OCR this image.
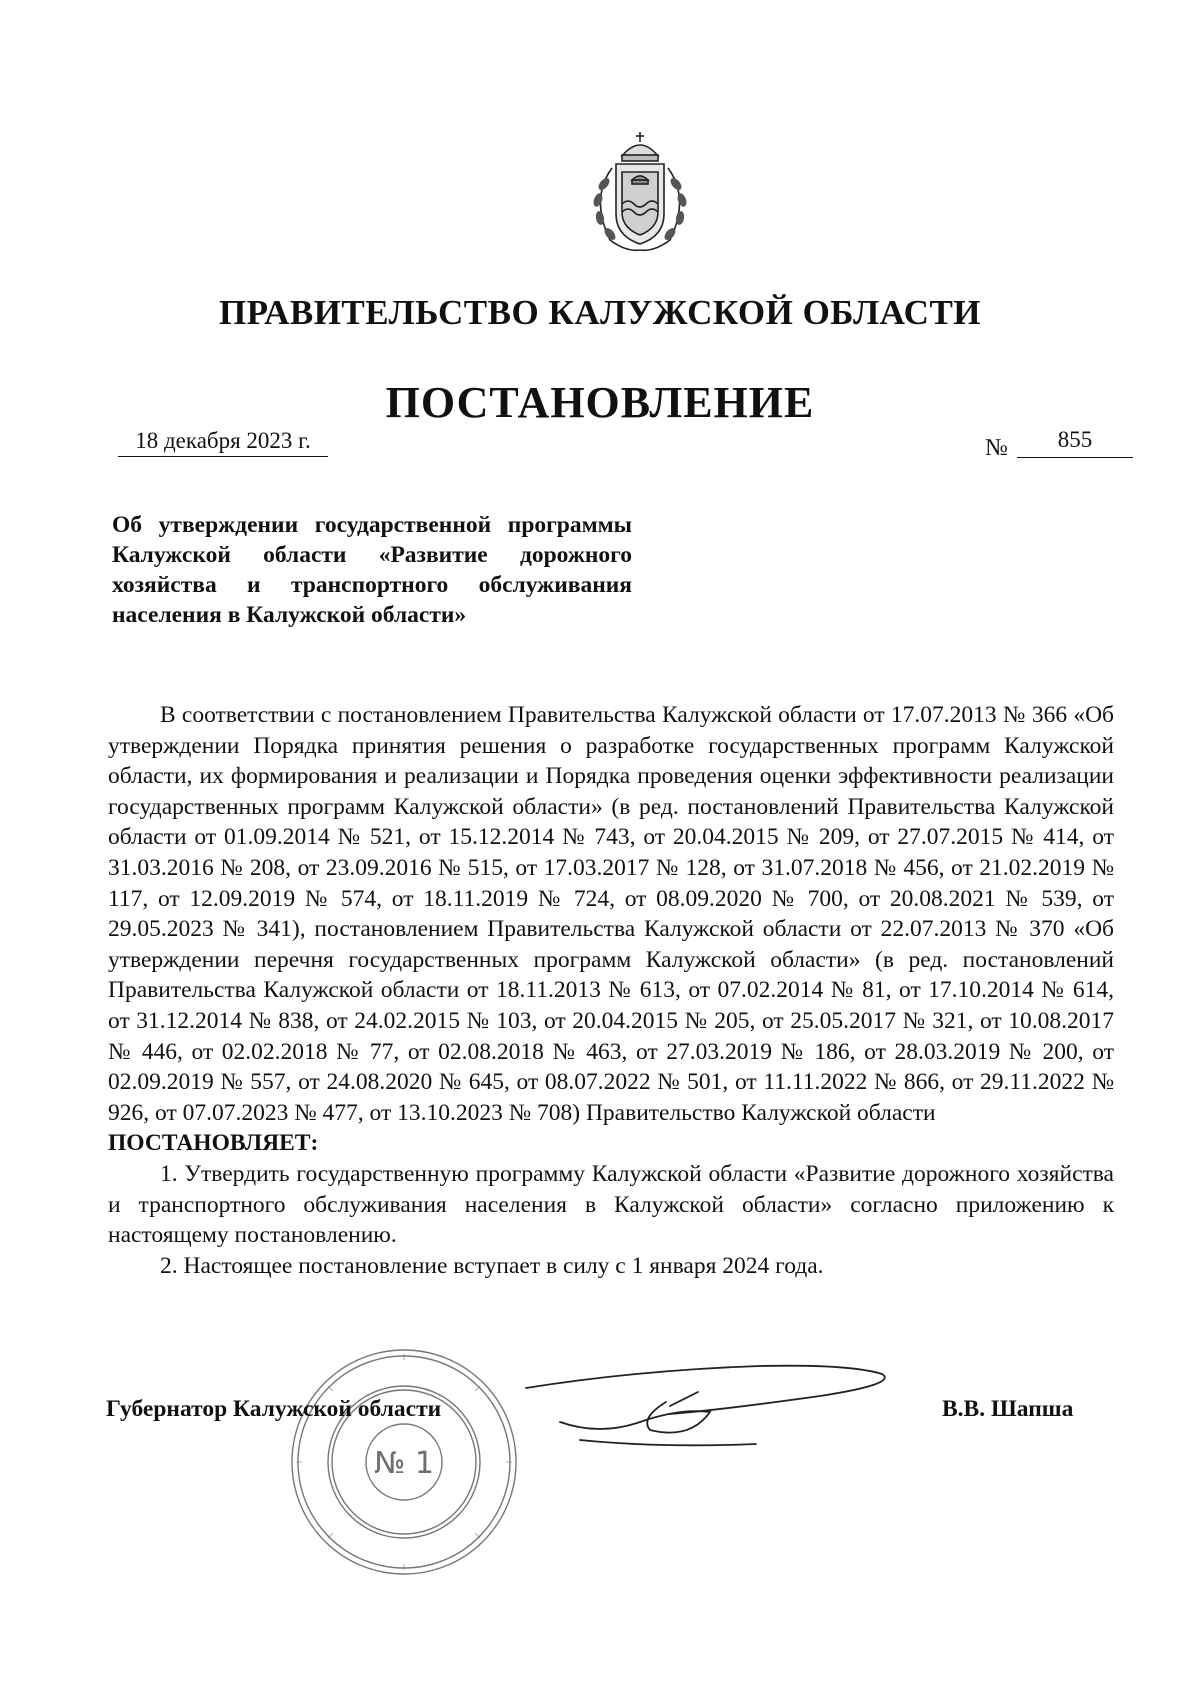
ПРАВИТЕЛЬСТВО КАЛУЖСКОЙ ОБЛАСТИ
ПОСТАНОВЛЕНИЕ
18 декабря 2023 г.	№	855
Об утверждении государственной программы Калужской области «Развитие дорожного хозяйства и транспортного обслуживания населения в Калужской области»

В соответствии с постановлением Правительства Калужской области от 17.07.2013 № 366 «Об утверждении Порядка принятия решения о разработке государственных программ Калужской области, их формирования и реализации и Порядка проведения оценки эффективности реализации государственных программ Калужской области» (в ред. постановлений Правительства Калужской области от 01.09.2014 № 521, от 15.12.2014 № 743, от 20.04.2015 № 209, от 27.07.2015 № 414, от 31.03.2016 № 208, от 23.09.2016 № 515, от 17.03.2017 № 128, от 31.07.2018 № 456, от 21.02.2019 № 117, от 12.09.2019 № 574, от 18.11.2019 № 724, от 08.09.2020 № 700, от 20.08.2021 № 539, от 29.05.2023 № 341), постановлением Правительства Калужской области от 22.07.2013 № 370 «Об утверждении перечня государственных программ Калужской области» (в ред. постановлений Правительства Калужской области от 18.11.2013 № 613, от 07.02.2014 № 81, от 17.10.2014 № 614, от 31.12.2014 № 838, от 24.02.2015 № 103, от 20.04.2015 № 205, от 25.05.2017 № 321, от 10.08.2017 № 446, от 02.02.2018 № 77, от 02.08.2018 № 463, от 27.03.2019 № 186, от 28.03.2019 № 200, от 02.09.2019 № 557, от 24.08.2020 № 645, от 08.07.2022 № 501, от 11.11.2022 № 866, от 29.11.2022 № 926, от 07.07.2023 № 477, от 13.10.2023 № 708) Правительство Калужской области

ПОСТАНОВЛЯЕТ:

1. Утвердить государственную программу Калужской области «Развитие дорожного хозяйства и транспортного обслуживания населения в Калужской области» согласно приложению к настоящему постановлению.

2. Настоящее постановление вступает в силу с 1 января 2024 года.

№ 1
Губернатор Калужской области	В.В. Шапша
